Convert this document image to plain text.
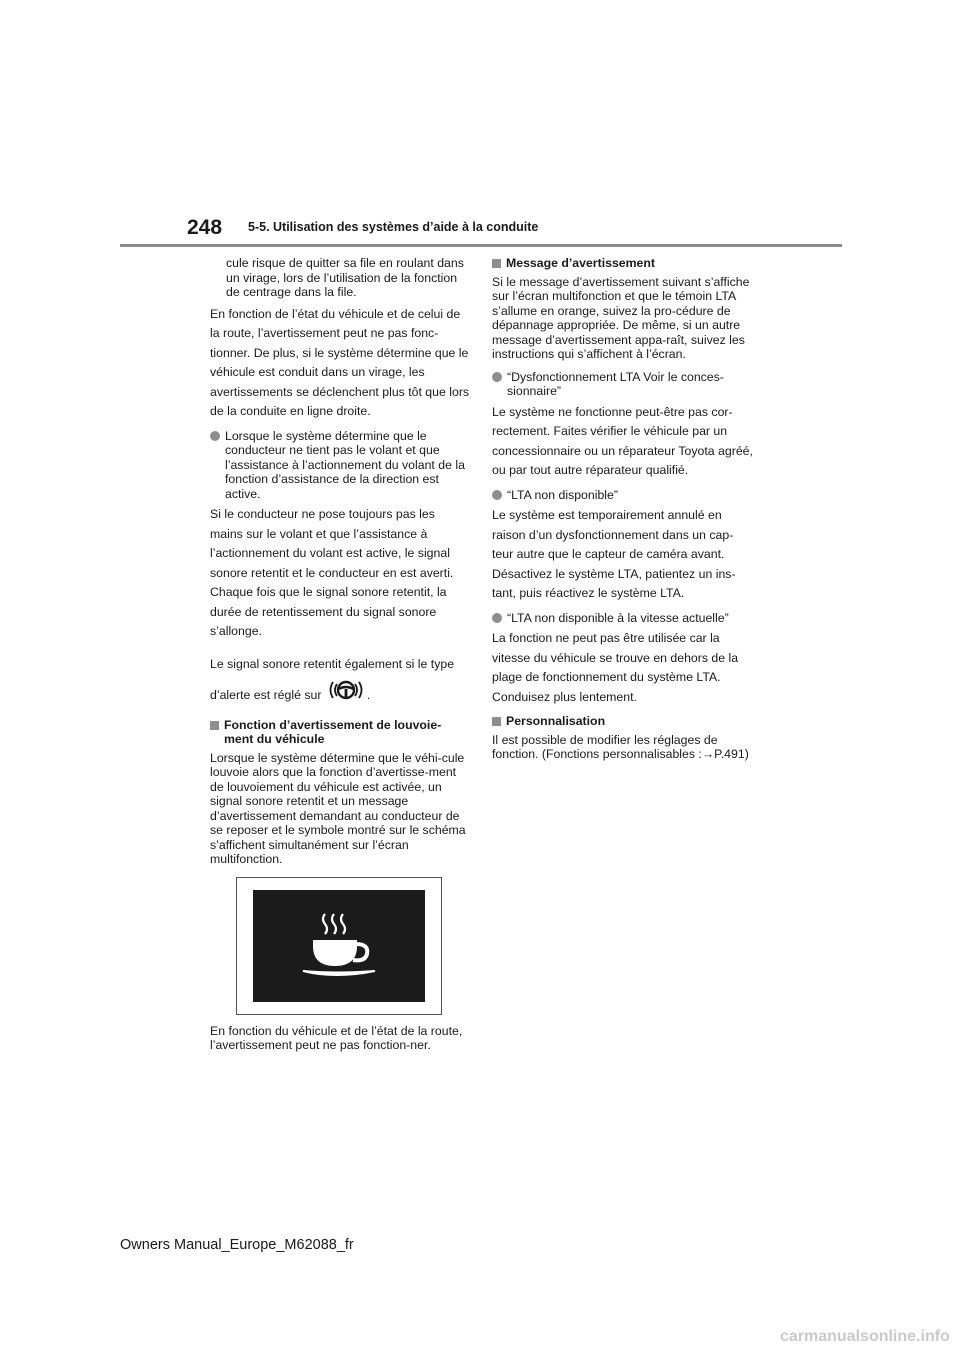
248 5-5. Utilisation des systèmes d’aide à la conduite

cule risque de quitter sa file en roulant dans un virage, lors de l’utilisation de la fonction de centrage dans la file.

En fonction de l’état du véhicule et de celui de la route, l’avertissement peut ne pas fonc-tionner. De plus, si le système détermine que le véhicule est conduit dans un virage, les avertissements se déclenchent plus tôt que lors de la conduite en ligne droite.

Lorsque le système détermine que le conducteur ne tient pas le volant et que l’assistance à l’actionnement du volant de la fonction d’assistance de la direction est active.

Si le conducteur ne pose toujours pas les mains sur le volant et que l’assistance à l’actionnement du volant est active, le signal sonore retentit et le conducteur en est averti. Chaque fois que le signal sonore retentit, la durée de retentissement du signal sonore s’allonge.

Le signal sonore retentit également si le type d’alerte est réglé sur	.

Fonction d’avertissement de louvoie-ment du véhicule

Lorsque le système détermine que le véhi-cule louvoie alors que la fonction d’avertisse-ment de louvoiement du véhicule est activée, un signal sonore retentit et un message d’avertissement demandant au conducteur de se reposer et le symbole montré sur le schéma s’affichent simultanément sur l’écran multifonction.

En fonction du véhicule et de l’état de la route, l’avertissement peut ne pas fonction-ner.

Message d’avertissement

Si le message d’avertissement suivant s’affiche sur l’écran multifonction et que le témoin LTA s’allume en orange, suivez la pro-cédure de dépannage appropriée. De même, si un autre message d’avertissement appa-raît, suivez les instructions qui s’affichent à l’écran.

“Dysfonctionnement LTA Voir le conces-sionnaire”

Le système ne fonctionne peut-être pas cor-rectement. Faites vérifier le véhicule par un concessionnaire ou un réparateur Toyota agréé, ou par tout autre réparateur qualifié.

“LTA non disponible”

Le système est temporairement annulé en raison d’un dysfonctionnement dans un cap-teur autre que le capteur de caméra avant. Désactivez le système LTA, patientez un ins-tant, puis réactivez le système LTA.

“LTA non disponible à la vitesse actuelle”

La fonction ne peut pas être utilisée car la vitesse du véhicule se trouve en dehors de la plage de fonctionnement du système LTA. Conduisez plus lentement.

Personnalisation

Il est possible de modifier les réglages de fonction. (Fonctions personnalisables :→P.491)

Owners Manual_Europe_M62088_fr
carmanualsonline.info
